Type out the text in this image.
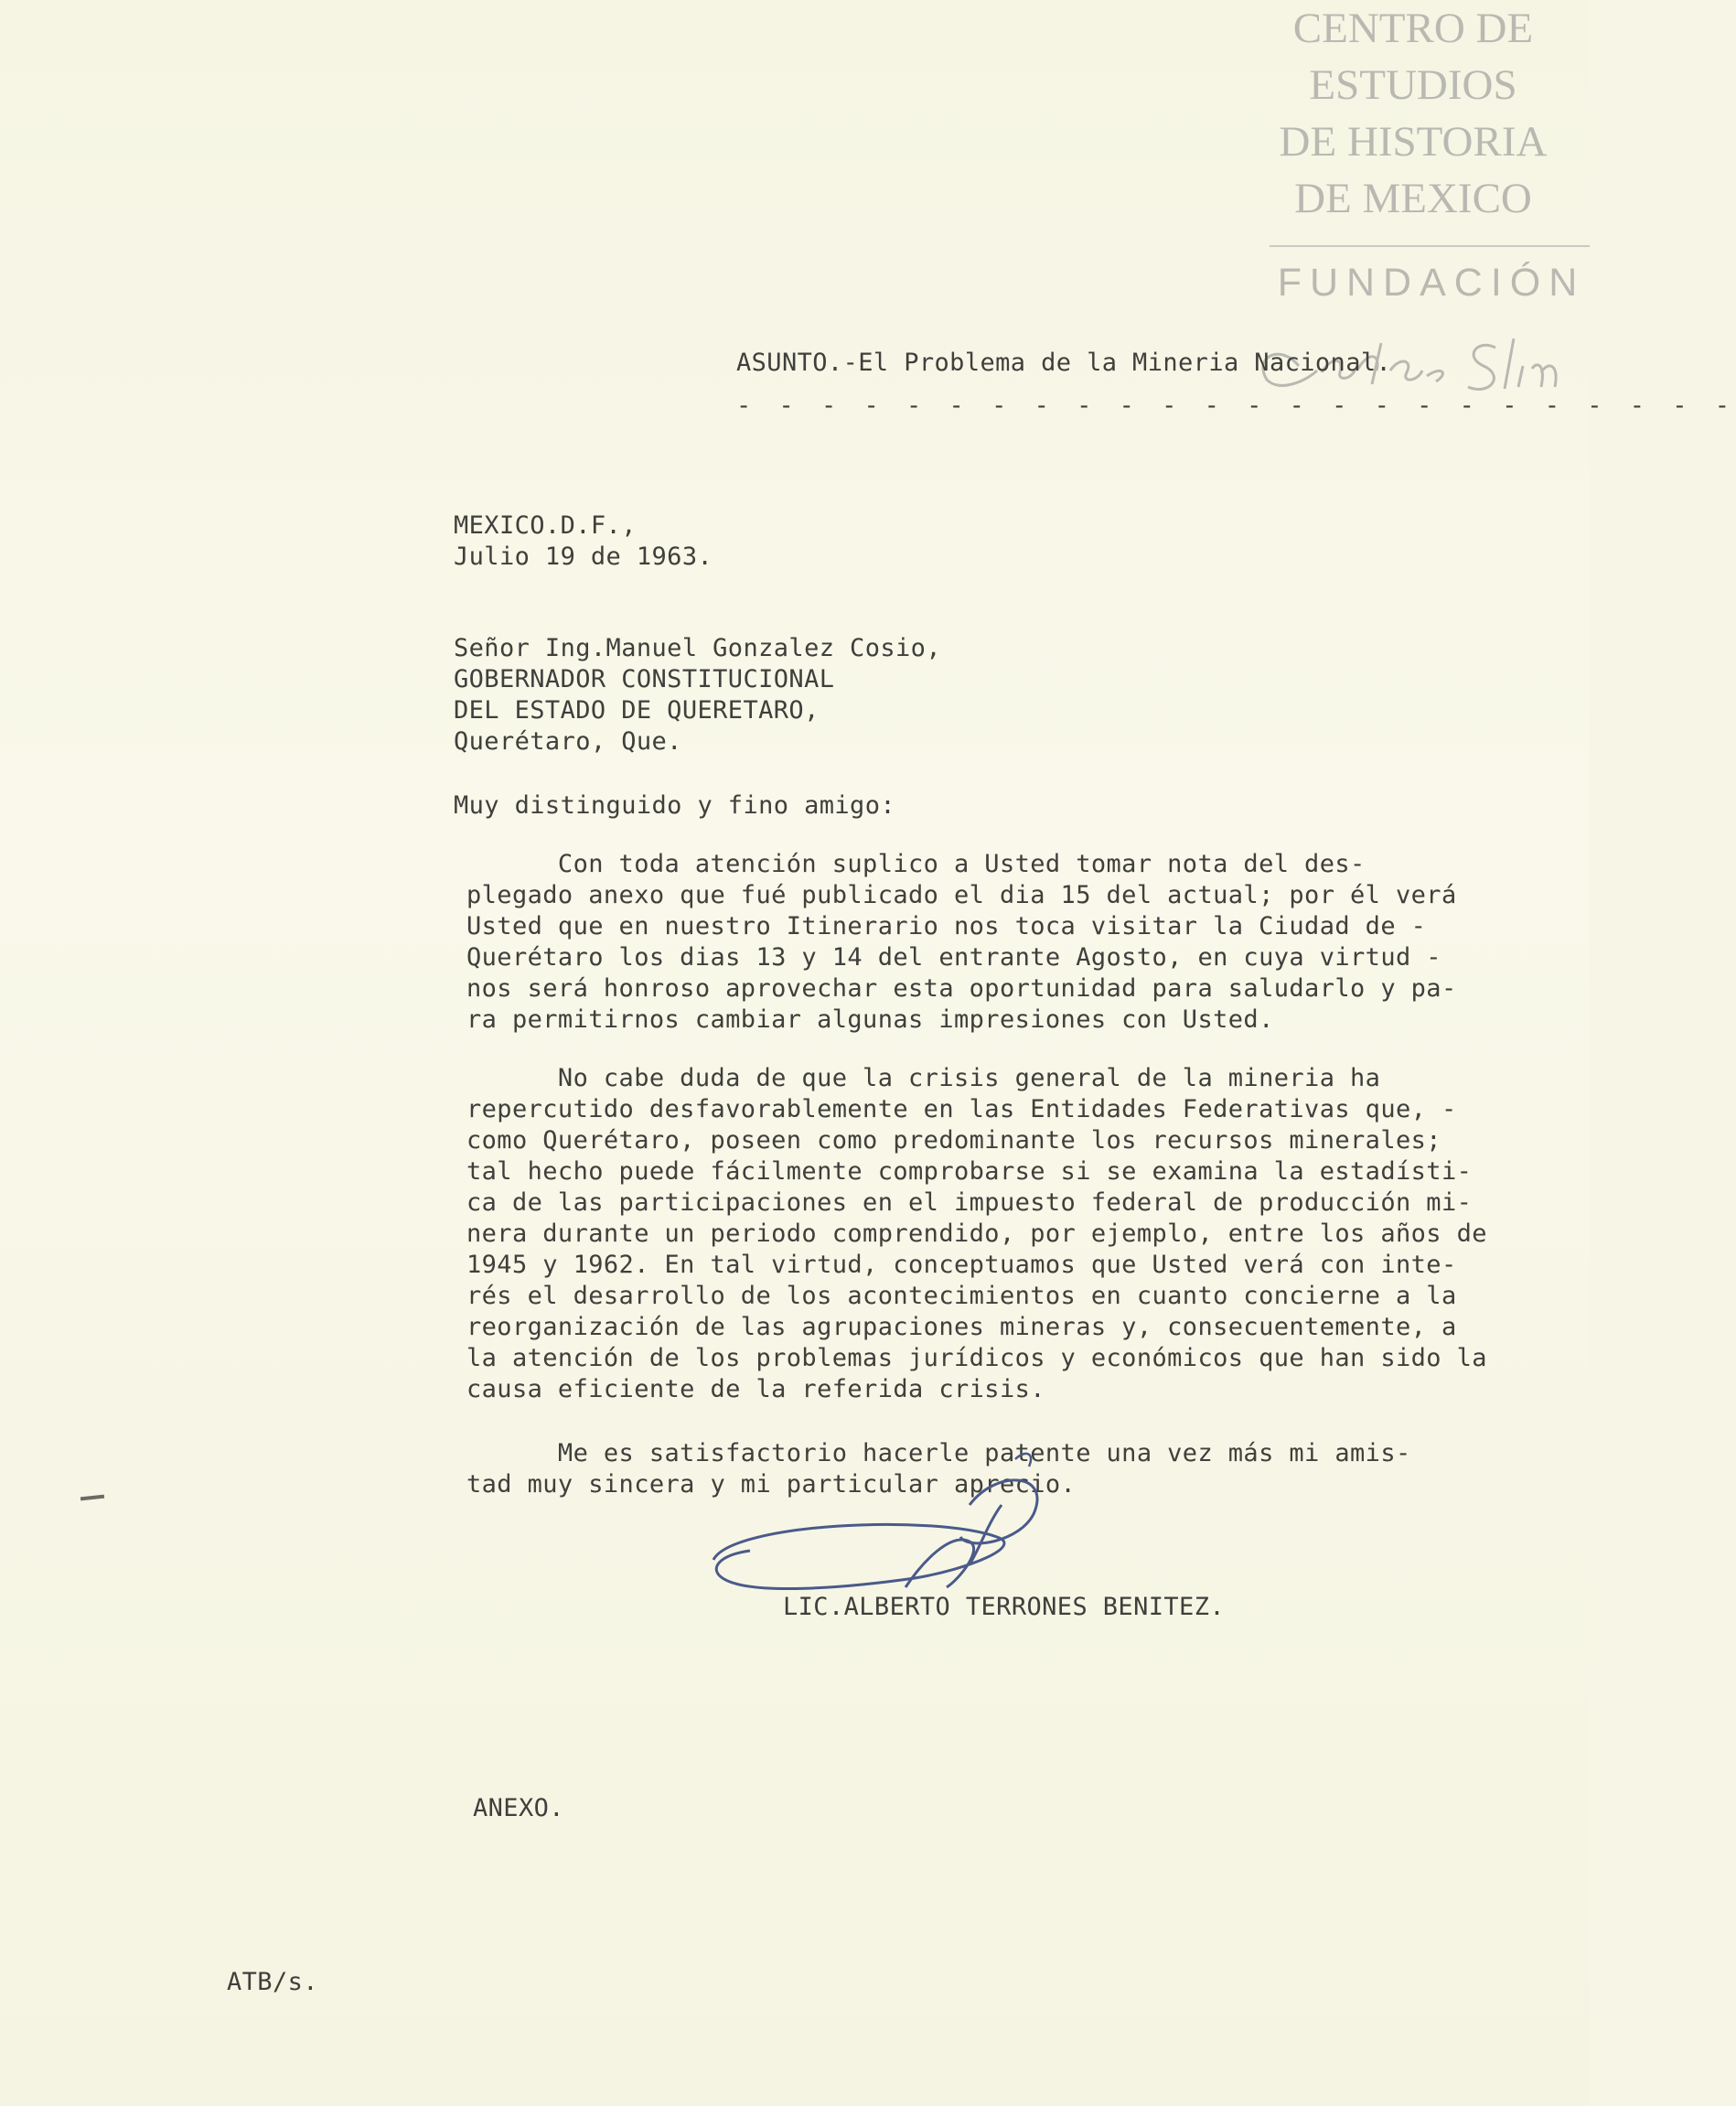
CENTRO DE
ESTUDIOS
DE HISTORIA
DE MEXICO
FUNDACIÓN
ASUNTO.-El Problema de la Mineria Nacional.
- - - - - - - - - - - - - - - - - - - - - - - -
MEXICO.D.F.,
Julio 19 de 1963.
Señor Ing.Manuel Gonzalez Cosio,
GOBERNADOR CONSTITUCIONAL
DEL ESTADO DE QUERETARO,
Querétaro, Que.
Muy distinguido y fino amigo:
Con toda atención suplico a Usted tomar nota del des-
plegado anexo que fué publicado el dia 15 del actual; por él verá
Usted que en nuestro Itinerario nos toca visitar la Ciudad de -
Querétaro los dias 13 y 14 del entrante Agosto, en cuya virtud -
nos será honroso aprovechar esta oportunidad para saludarlo y pa-
ra permitirnos cambiar algunas impresiones con Usted.
No cabe duda de que la crisis general de la mineria ha
repercutido desfavorablemente en las Entidades Federativas que, -
como Querétaro, poseen como predominante los recursos minerales;
tal hecho puede fácilmente comprobarse si se examina la estadísti-
ca de las participaciones en el impuesto federal de producción mi-
nera durante un periodo comprendido, por ejemplo, entre los años de
1945 y 1962. En tal virtud, conceptuamos que Usted verá con inte-
rés el desarrollo de los acontecimientos en cuanto concierne a la
reorganización de las agrupaciones mineras y, consecuentemente, a
la atención de los problemas jurídicos y económicos que han sido la
causa eficiente de la referida crisis.
Me es satisfactorio hacerle patente una vez más mi amis-
tad muy sincera y mi particular aprecio.
LIC.ALBERTO TERRONES BENITEZ.
ANEXO.
ATB/s.
